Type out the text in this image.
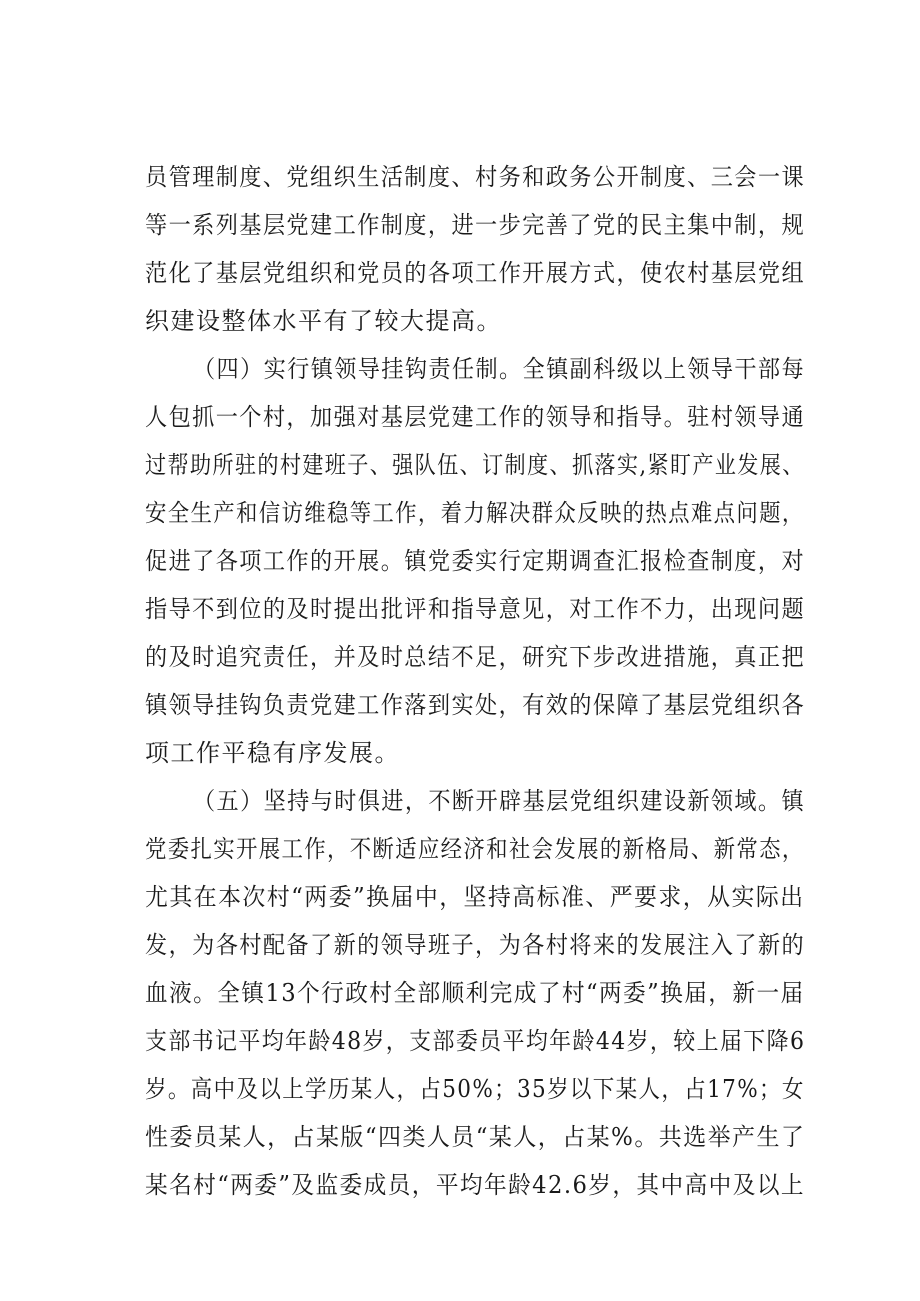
员管理制度、党组织生活制度、村务和政务公开制度、三会一课
等一系列基层党建工作制度，进一步完善了党的民主集中制，规
范化了基层党组织和党员的各项工作开展方式，使农村基层党组
织建设整体水平有了较大提高。
（四）实行镇领导挂钩责任制。全镇副科级以上领导干部每
人包抓一个村，加强对基层党建工作的领导和指导。驻村领导通
过帮助所驻的村建班子、强队伍、订制度、抓落实,紧盯产业发展、
安全生产和信访维稳等工作，着力解决群众反映的热点难点问题，
促进了各项工作的开展。镇党委实行定期调查汇报检查制度，对
指导不到位的及时提出批评和指导意见，对工作不力，出现问题
的及时追究责任，并及时总结不足，研究下步改进措施，真正把
镇领导挂钩负责党建工作落到实处，有效的保障了基层党组织各
项工作平稳有序发展。
（五）坚持与时俱进，不断开辟基层党组织建设新领域。镇
党委扎实开展工作，不断适应经济和社会发展的新格局、新常态，
尤其在本次村“两委”换届中，坚持高标准、严要求，从实际出
发，为各村配备了新的领导班子，为各村将来的发展注入了新的
血液。全镇13个行政村全部顺利完成了村“两委”换届，新一届
支部书记平均年龄48岁，支部委员平均年龄44岁，较上届下降6
岁。高中及以上学历某人，占50%；35岁以下某人，占17%；女
性委员某人，占某版“四类人员“某人，占某%。共选举产生了
某名村“两委”及监委成员，平均年龄42.6岁，其中高中及以上
